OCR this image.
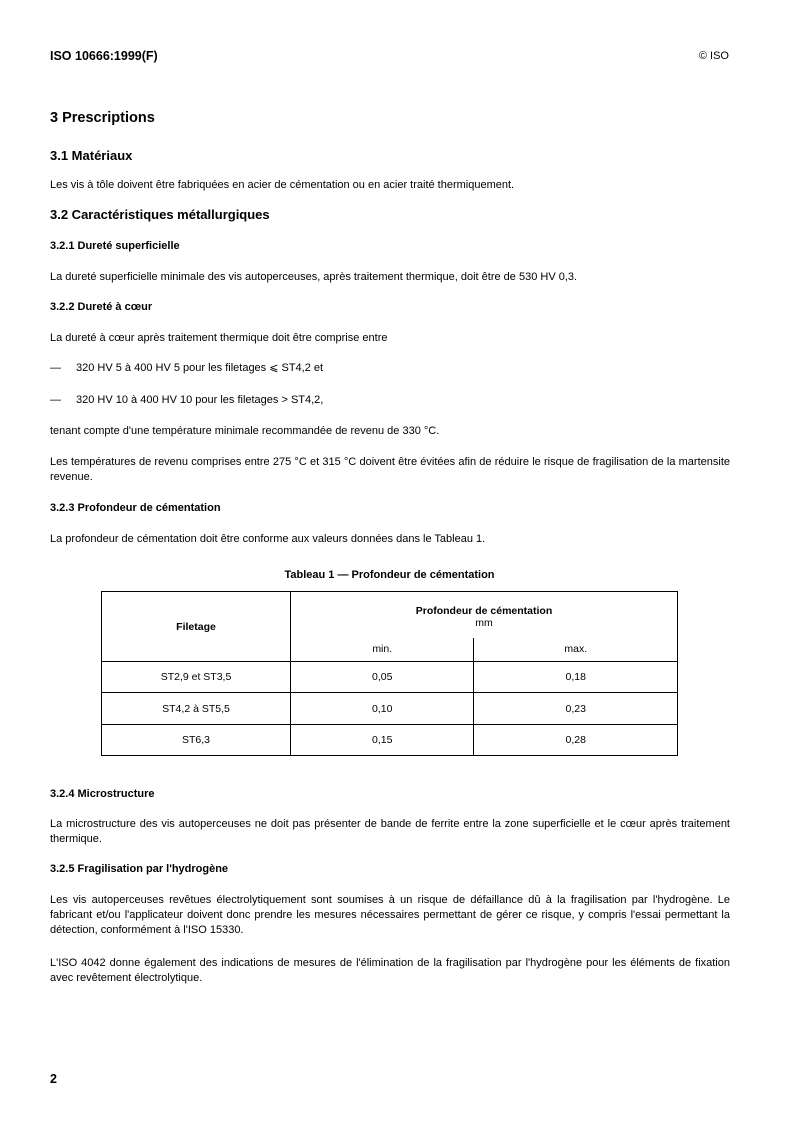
ISO 10666:1999(F)	© ISO
3 Prescriptions
3.1 Matériaux
Les vis à tôle doivent être fabriquées en acier de cémentation ou en acier traité thermiquement.
3.2 Caractéristiques métallurgiques
3.2.1 Dureté superficielle
La dureté superficielle minimale des vis autoperceuses, après traitement thermique, doit être de 530 HV 0,3.
3.2.2 Dureté à cœur
La dureté à cœur après traitement thermique doit être comprise entre
— 320 HV 5 à 400 HV 5 pour les filetages ⩽ ST4,2 et
— 320 HV 10 à 400 HV 10 pour les filetages > ST4,2,
tenant compte d'une température minimale recommandée de revenu de 330 °C.
Les températures de revenu comprises entre 275 °C et 315 °C doivent être évitées afin de réduire le risque de fragilisation de la martensite revenue.
3.2.3 Profondeur de cémentation
La profondeur de cémentation doit être conforme aux valeurs données dans le Tableau 1.
Tableau 1 — Profondeur de cémentation
Filetage	Profondeur de cémentation
mm	

	min.	max.
ST2,9 et ST3,5	0,05	0,18
ST4,2 à ST5,5	0,10	0,23
ST6,3	0,15	0,28
3.2.4 Microstructure
La microstructure des vis autoperceuses ne doit pas présenter de bande de ferrite entre la zone superficielle et le cœur après traitement thermique.
3.2.5 Fragilisation par l'hydrogène
Les vis autoperceuses revêtues électrolytiquement sont soumises à un risque de défaillance dû à la fragilisation par l'hydrogène. Le fabricant et/ou l'applicateur doivent donc prendre les mesures nécessaires permettant de gérer ce risque, y compris l'essai permettant la détection, conformément à l'ISO 15330.
L'ISO 4042 donne également des indications de mesures de l'élimination de la fragilisation par l'hydrogène pour les éléments de fixation avec revêtement électrolytique.
2
